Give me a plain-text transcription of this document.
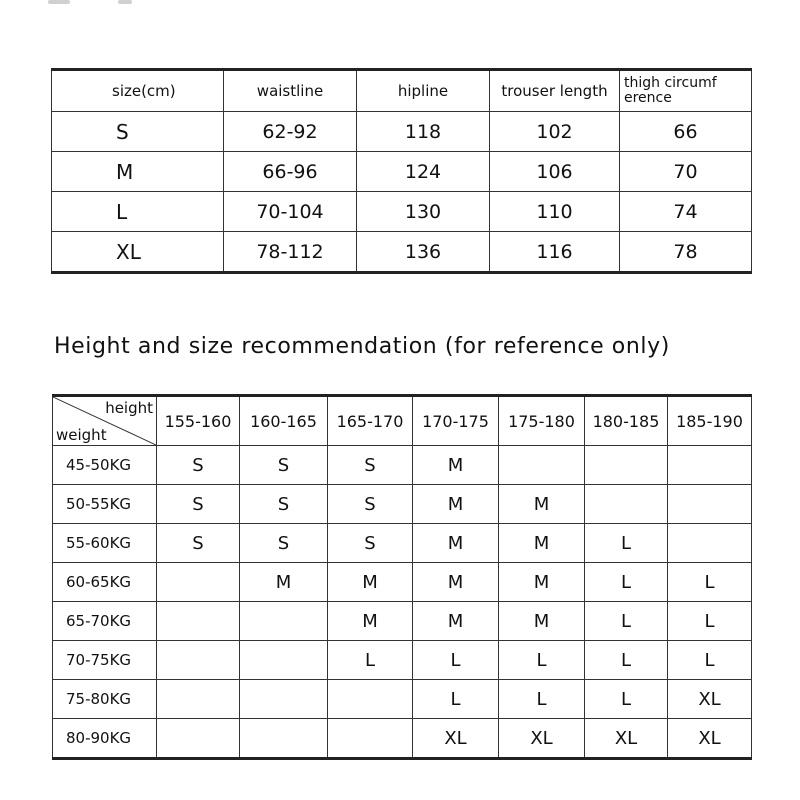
size(cm)	waistline	hipline	trouser length	thigh circumf
erence

S	62-92	118	102	66
M	66-96	124	106	70
L	70-104	130	110	74
XL	78-112	136	116	78
Height and size recommendation (for reference only)
height
weight	155-160	160-165	165-170	170-175	175-180	180-185	185-190
45-50KG	S	S	S	M			
50-55KG	S	S	S	M	M		
55-60KG	S	S	S	M	M	L	
60-65KG		M	M	M	M	L	L
65-70KG			M	M	M	L	L
70-75KG			L	L	L	L	L
75-80KG				L	L	L	XL
80-90KG				XL	XL	XL	XL
